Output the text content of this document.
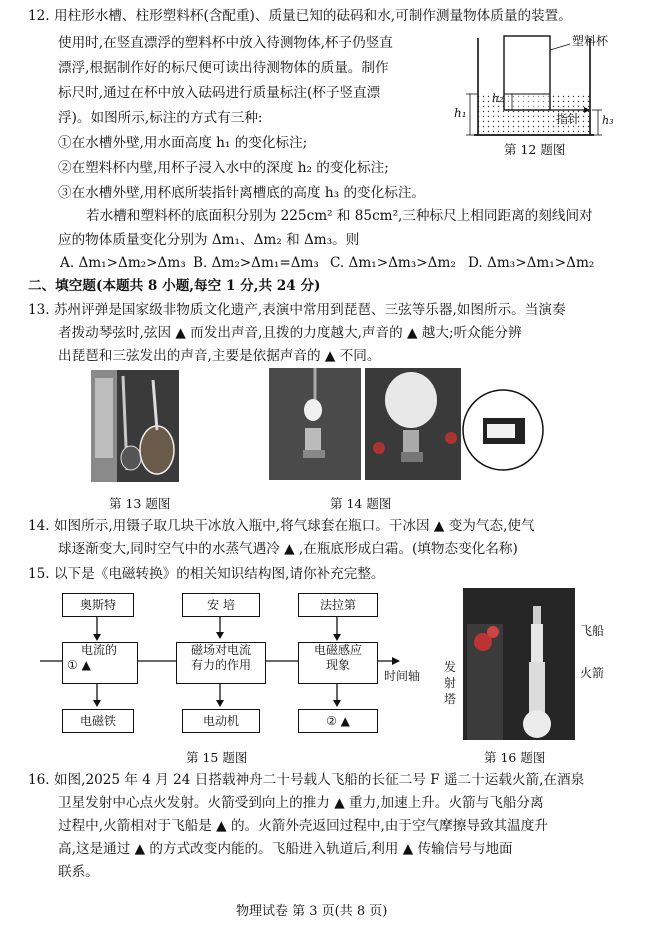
12. 用柱形水槽、柱形塑料杯(含配重)、质量已知的砝码和水,可制作测量物体质量的装置。
使用时,在竖直漂浮的塑料杯中放入待测物体,杯子仍竖直
漂浮,根据制作好的标尺便可读出待测物体的质量。制作
标尺时,通过在杯中放入砝码进行质量标注(杯子竖直漂
浮)。如图所示,标注的方式有三种:
①在水槽外壁,用水面高度 h₁ 的变化标注;
②在塑料杯内壁,用杯子浸入水中的深度 h₂ 的变化标注;
③在水槽外壁,用杯底所装指针离槽底的高度 h₃ 的变化标注。
若水槽和塑料杯的底面积分别为 225cm² 和 85cm²,三种标尺上相同距离的刻线间对
应的物体质量变化分别为 Δm₁、Δm₂ 和 Δm₃。则
A. Δm₁>Δm₂>Δm₃ B. Δm₂>Δm₁=Δm₃ C. Δm₁>Δm₃>Δm₂ D. Δm₃>Δm₁>Δm₂
塑料杯
指针
h₁
h₂
h₃
第 12 题图
二、填空题(本题共 8 小题,每空 1 分,共 24 分)
13. 苏州评弹是国家级非物质文化遗产,表演中常用到琵琶、三弦等乐器,如图所示。当演奏
者拨动琴弦时,弦因 ▲ 而发出声音,且拨的力度越大,声音的 ▲ 越大;听众能分辨
出琵琶和三弦发出的声音,主要是依据声音的 ▲ 不同。
第 13 题图	第 14 题图
14. 如图所示,用镊子取几块干冰放入瓶中,将气球套在瓶口。干冰因 ▲ 变为气态,使气
球逐渐变大,同时空气中的水蒸气遇冷 ▲ ,在瓶底形成白霜。(填物态变化名称)
15. 以下是《电磁转换》的相关知识结构图,请你补充完整。
奥斯特	安 培	法拉第
电流的
① ▲
磁场对电流
有力的作用
电磁感应
现象
时间轴
电磁铁	电动机	② ▲
第 15 题图
飞船
火箭
发
射
塔
第 16 题图
16. 如图,2025 年 4 月 24 日搭载神舟二十号载人飞船的长征二号 F 遥二十运载火箭,在酒泉
卫星发射中心点火发射。火箭受到向上的推力 ▲ 重力,加速上升。火箭与飞船分离
过程中,火箭相对于飞船是 ▲ 的。火箭外壳返回过程中,由于空气摩擦导致其温度升
高,这是通过 ▲ 的方式改变内能的。飞船进入轨道后,利用 ▲ 传输信号与地面
联系。
物理试卷 第 3 页(共 8 页)
